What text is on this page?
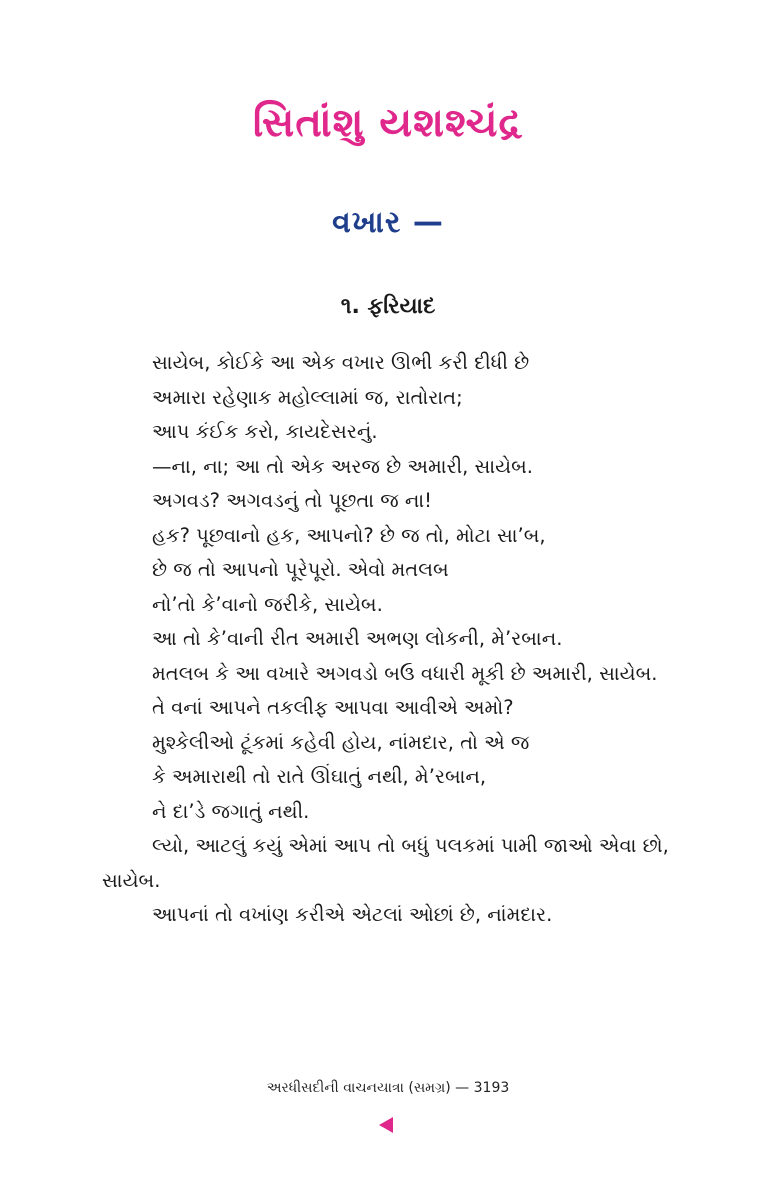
સિતાંશુ યશશ્ચંદ્ર
વખાર —
૧. ફરિયાદ
સાયેબ, કોઈકે આ એક વખાર ઊભી કરી દીધી છે
અમારા રહેણાક મહોલ્લામાં જ, રાતોરાત;
આપ કંઈક કરો, કાયદેસરનું.
—ના, ના; આ તો એક અરજ છે અમારી, સાયેબ.
અગવડ? અગવડનું તો પૂછતા જ ના!
હક? પૂછવાનો હક, આપનો? છે જ તો, મોટા સા’બ,
છે જ તો આપનો પૂરેપૂરો. એવો મતલબ
નો’તો કે’વાનો જરીકે, સાયેબ.
આ તો કે’વાની રીત અમારી અભણ લોકની, મે’રબાન.
મતલબ કે આ વખારે અગવડો બઉ વધારી મૂકી છે અમારી, સાયેબ.
તે વનાં આપને તકલીફ આપવા આવીએ અમો?
મુશ્કેલીઓ ટૂંકમાં કહેવી હોય, નાંમદાર, તો એ જ
કે અમારાથી તો રાતે ઊંઘાતું નથી, મે’રબાન,
ને દા’ડે જગાતું નથી.
લ્યો, આટલું કયું એમાં આપ તો બધું પલકમાં પામી જાઓ એવા છો, સાયેબ.
આપનાં તો વખાંણ કરીએ એટલાં ઓછાં છે, નાંમદાર.
અરધીસદીની વાચનયાત્રા (સમગ્ર) — 3193
